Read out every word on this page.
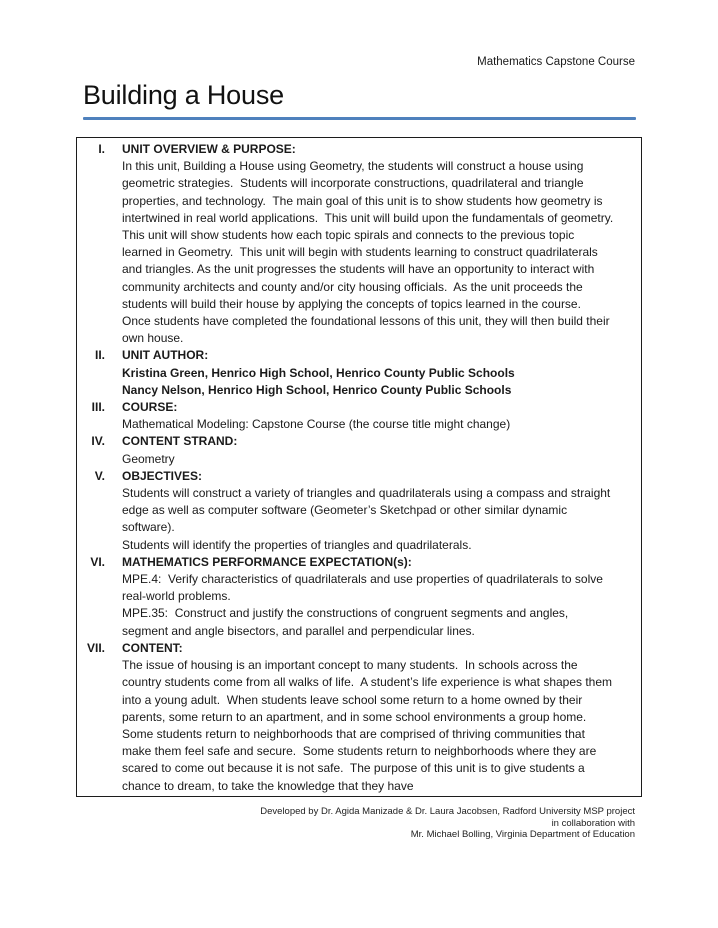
Mathematics Capstone Course
Building a House
I. UNIT OVERVIEW & PURPOSE:

In this unit, Building a House using Geometry, the students will construct a house using geometric strategies.  Students will incorporate constructions, quadrilateral and triangle properties, and technology.  The main goal of this unit is to show students how geometry is intertwined in real world applications.  This unit will build upon the fundamentals of geometry. This unit will show students how each topic spirals and connects to the previous topic learned in Geometry.  This unit will begin with students learning to construct quadrilaterals and triangles. As the unit progresses the students will have an opportunity to interact with community architects and county and/or city housing officials.  As the unit proceeds the students will build their house by applying the concepts of topics learned in the course.  Once students have completed the foundational lessons of this unit, they will then build their own house.

II. UNIT AUTHOR:

Kristina Green, Henrico High School, Henrico County Public Schools

Nancy Nelson, Henrico High School, Henrico County Public Schools

III. COURSE:

Mathematical Modeling: Capstone Course (the course title might change)

IV. CONTENT STRAND:

Geometry

V. OBJECTIVES:

Students will construct a variety of triangles and quadrilaterals using a compass and straight edge as well as computer software (Geometer’s Sketchpad or other similar dynamic software).

Students will identify the properties of triangles and quadrilaterals.

VI. MATHEMATICS PERFORMANCE EXPECTATION(s):

MPE.4:  Verify characteristics of quadrilaterals and use properties of quadrilaterals to solve real-world problems.

MPE.35:  Construct and justify the constructions of congruent segments and angles, segment and angle bisectors, and parallel and perpendicular lines.

VII. CONTENT:

The issue of housing is an important concept to many students.  In schools across the country students come from all walks of life.  A student’s life experience is what shapes them into a young adult.  When students leave school some return to a home owned by their parents, some return to an apartment, and in some school environments a group home.  Some students return to neighborhoods that are comprised of thriving communities that make them feel safe and secure.  Some students return to neighborhoods where they are scared to come out because it is not safe.  The purpose of this unit is to give students a chance to dream, to take the knowledge that they have

Developed by Dr. Agida Manizade & Dr. Laura Jacobsen, Radford University MSP project
in collaboration with
Mr. Michael Bolling, Virginia Department of Education
